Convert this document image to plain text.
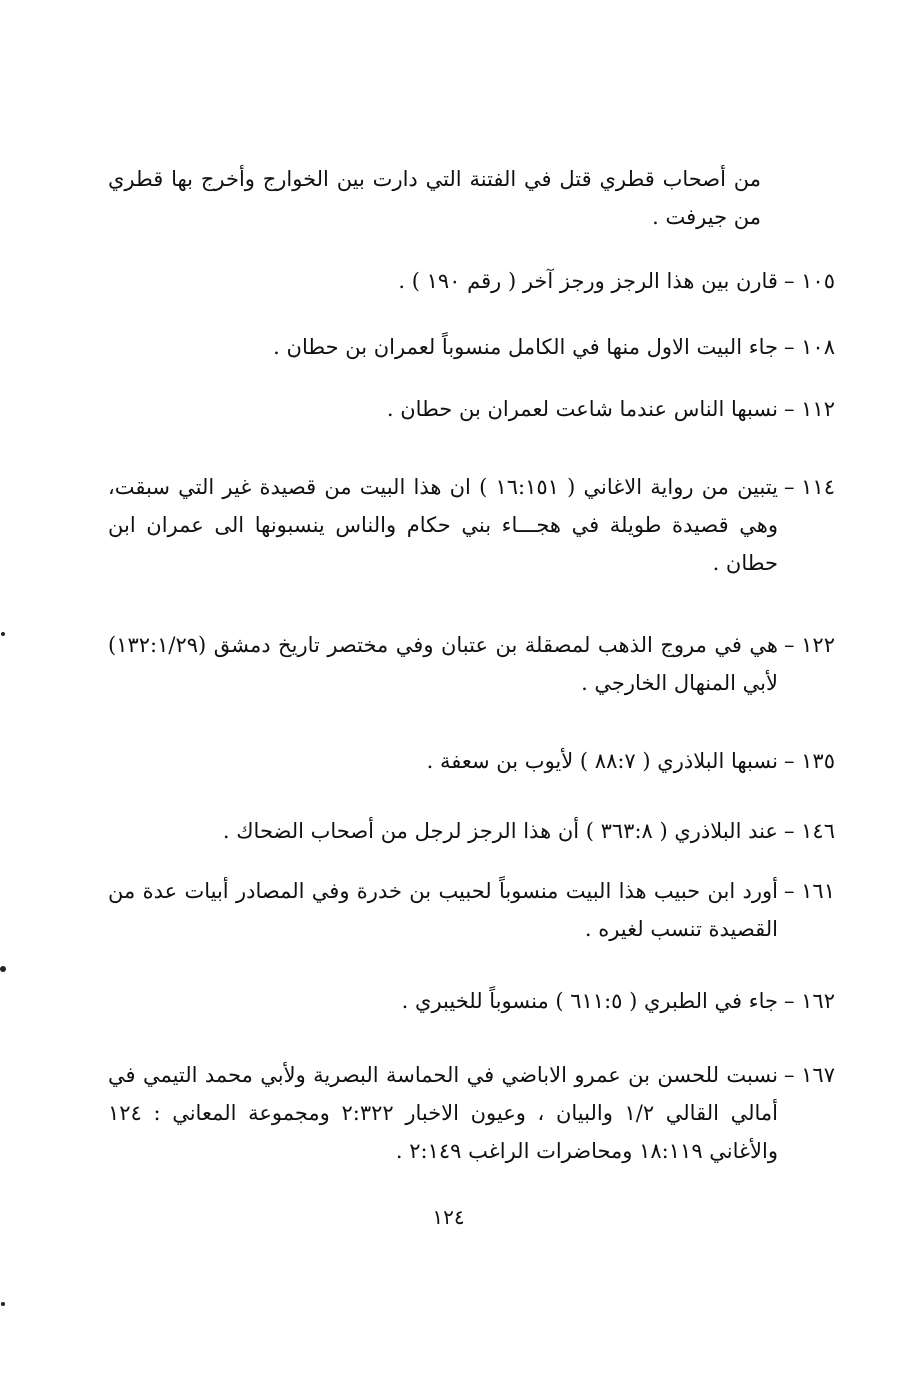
من أصحاب قطري قتل في الفتنة التي دارت بين الخوارج وأخرج بها قطري من جيرفت .

١٠٥ –
قارن بين هذا الرجز ورجز آخر ( رقم ١٩٠ ) .
١٠٨ –
جاء البيت الاول منها في الكامل منسوباً لعمران بن حطان .
١١٢ –
نسبها الناس عندما شاعت لعمران بن حطان .
١١٤ –
يتبين من رواية الاغاني ( ١٦:١٥١ ) ان هذا البيت من قصيدة غير التي سبقت، وهي قصيدة طويلة في هجـــاء بني حكام والناس ينسبونها الى عمران ابن حطان .
١٢٢ –
هي في مروج الذهب لمصقلة بن عتبان وفي مختصر تاريخ دمشق (١٣٢:١/٢٩) لأبي المنهال الخارجي .
١٣٥ –
نسبها البلاذري ( ٨٨:٧ ) لأيوب بن سعفة .
١٤٦ –
عند البلاذري ( ٣٦٣:٨ ) أن هذا الرجز لرجل من أصحاب الضحاك .
١٦١ –
أورد ابن حبيب هذا البيت منسوباً لحبيب بن خدرة وفي المصادر أبيات عدة من القصيدة تنسب لغيره .
١٦٢ –
جاء في الطبري ( ٦١١:٥ ) منسوباً للخيبري .
١٦٧ –
نسبت للحسن بن عمرو الاباضي في الحماسة البصرية ولأبي محمد التيمي في أمالي القالي ١/٢ والبيان ، وعيون الاخبار ٢:٣٢٢ ومجموعة المعاني : ١٢٤ والأغاني ١٨:١١٩ ومحاضرات الراغب ٢:١٤٩ .
١٢٤
